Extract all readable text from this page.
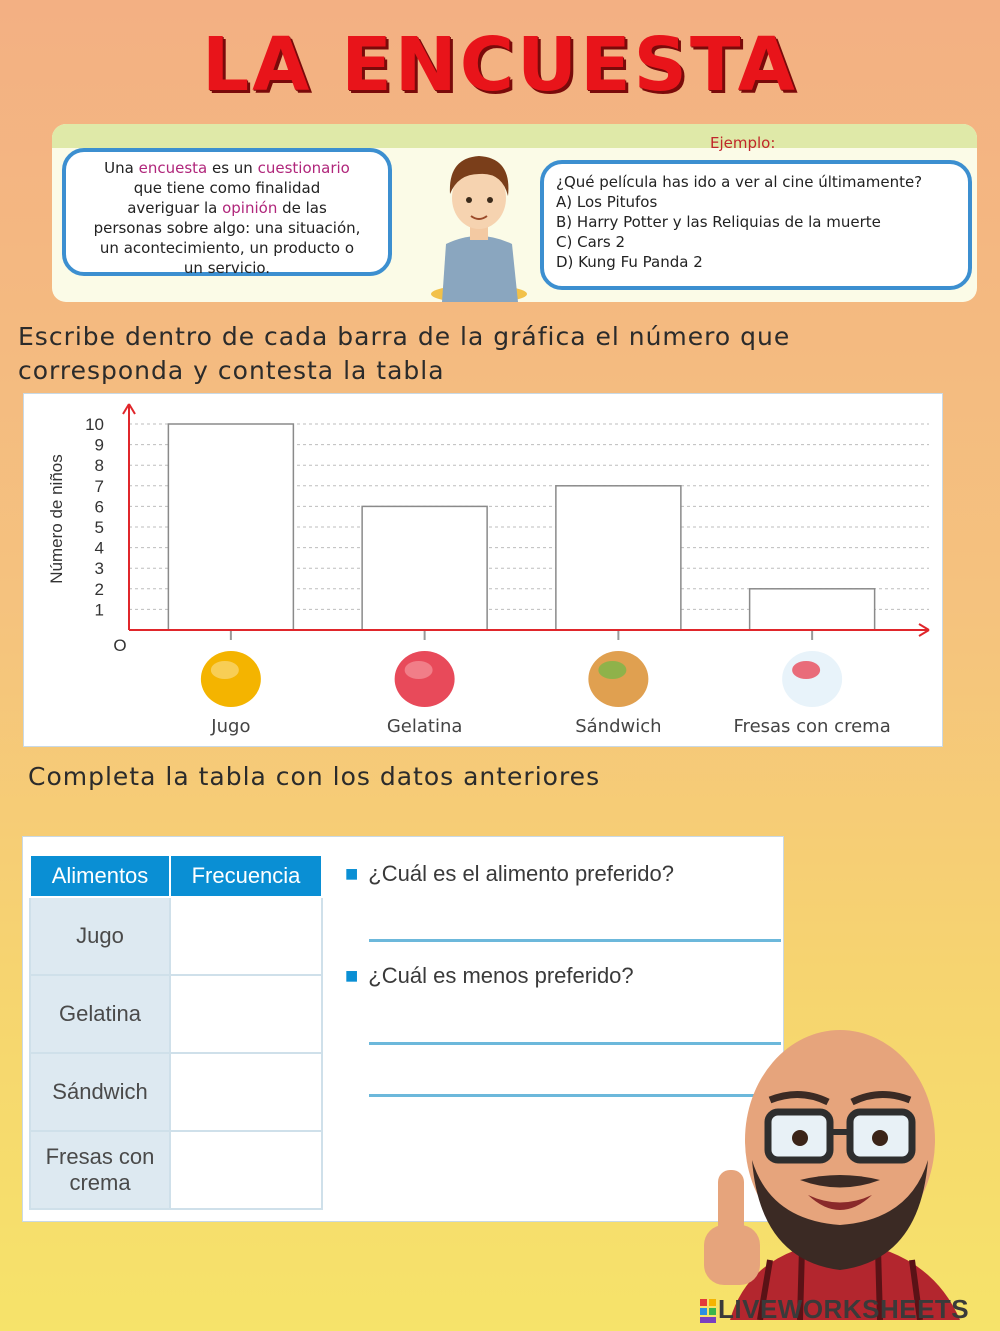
LA ENCUESTA
Una encuesta es un cuestionario
que tiene como finalidad
averiguar la opinión de las
personas sobre algo: una situación,
un acontecimiento, un producto o
un servicio.
Ejemplo:
¿Qué película has ido a ver al cine últimamente?
A) Los Pitufos
B) Harry Potter y las Reliquias de la muerte
C) Cars 2
D) Kung Fu Panda 2
Escribe dentro de cada barra de la gráfica el número que
corresponda y contesta la tabla
10
9
8
7
6
5
4
3
2
1
O
Jugo	Gelatina	Sándwich	Fresas con crema
Número de niños
Completa la tabla con los datos anteriores
Alimentos	Frecuencia
Jugo	
Gelatina	
Sándwich	
Fresas con crema	
■ ¿Cuál es el alimento preferido?
■ ¿Cuál es menos preferido?
LIVEWORKSHEETS
